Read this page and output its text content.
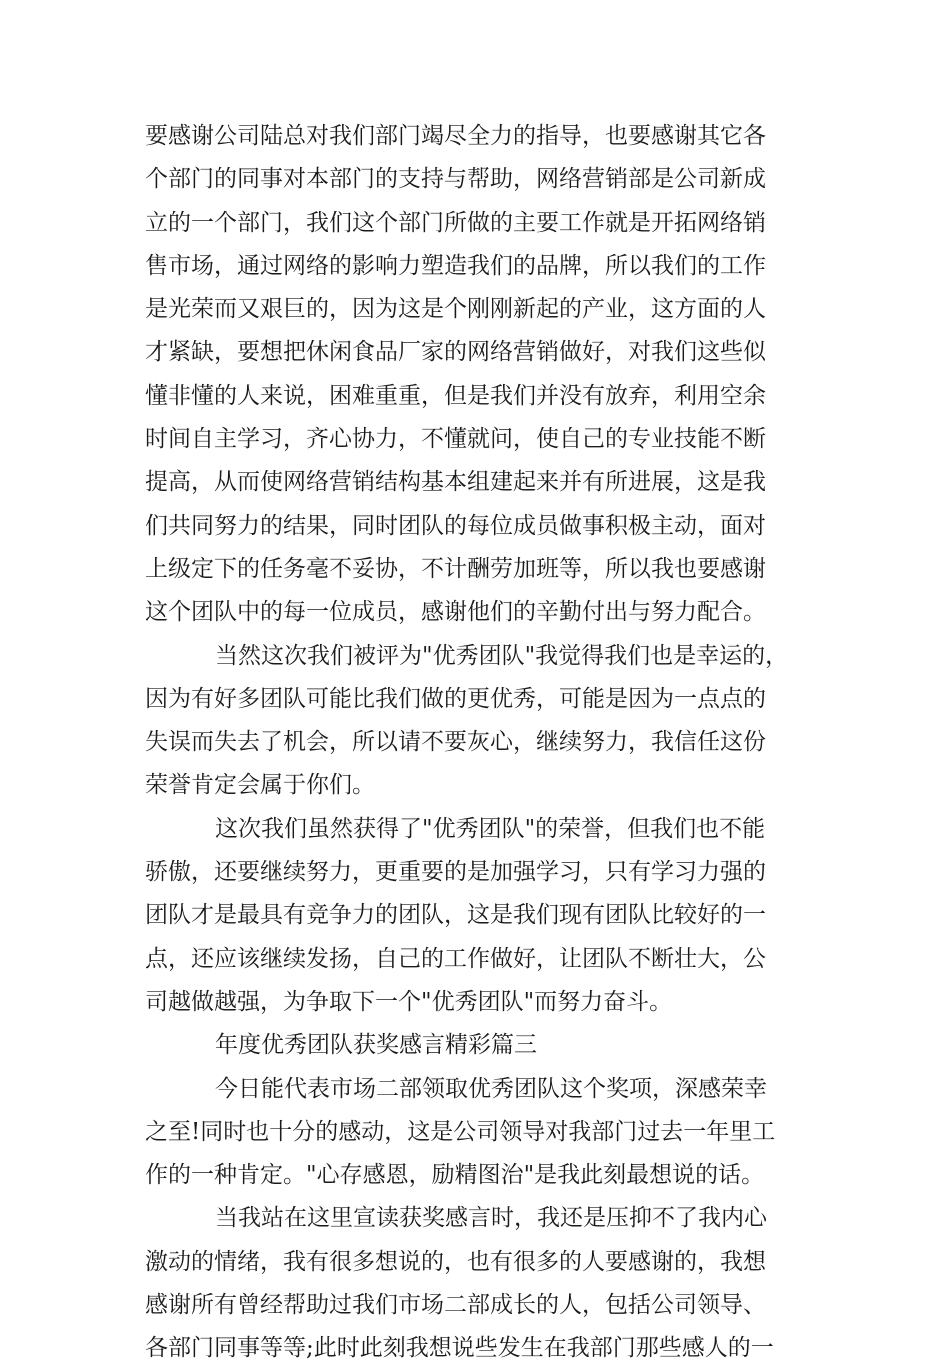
要感谢公司陆总对我们部门竭尽全力的指导，也要感谢其它各
个部门的同事对本部门的支持与帮助，网络营销部是公司新成
立的一个部门，我们这个部门所做的主要工作就是开拓网络销
售市场，通过网络的影响力塑造我们的品牌，所以我们的工作
是光荣而又艰巨的，因为这是个刚刚新起的产业，这方面的人
才紧缺，要想把休闲食品厂家的网络营销做好，对我们这些似
懂非懂的人来说，困难重重，但是我们并没有放弃，利用空余
时间自主学习，齐心协力，不懂就问，使自己的专业技能不断
提高，从而使网络营销结构基本组建起来并有所进展，这是我
们共同努力的结果，同时团队的每位成员做事积极主动，面对
上级定下的任务毫不妥协，不计酬劳加班等，所以我也要感谢
这个团队中的每一位成员，感谢他们的辛勤付出与努力配合。
当然这次我们被评为"优秀团队"我觉得我们也是幸运的，
因为有好多团队可能比我们做的更优秀，可能是因为一点点的
失误而失去了机会，所以请不要灰心，继续努力，我信任这份
荣誉肯定会属于你们。
这次我们虽然获得了"优秀团队"的荣誉，但我们也不能
骄傲，还要继续努力，更重要的是加强学习，只有学习力强的
团队才是最具有竞争力的团队，这是我们现有团队比较好的一
点，还应该继续发扬，自己的工作做好，让团队不断壮大，公
司越做越强，为争取下一个"优秀团队"而努力奋斗。
年度优秀团队获奖感言精彩篇三
今日能代表市场二部领取优秀团队这个奖项，深感荣幸
之至!同时也十分的感动，这是公司领导对我部门过去一年里工
作的一种肯定。"心存感恩，励精图治"是我此刻最想说的话。
当我站在这里宣读获奖感言时，我还是压抑不了我内心
激动的情绪，我有很多想说的，也有很多的人要感谢的，我想
感谢所有曾经帮助过我们市场二部成长的人，包括公司领导、
各部门同事等等;此时此刻我想说些发生在我部门那些感人的一
